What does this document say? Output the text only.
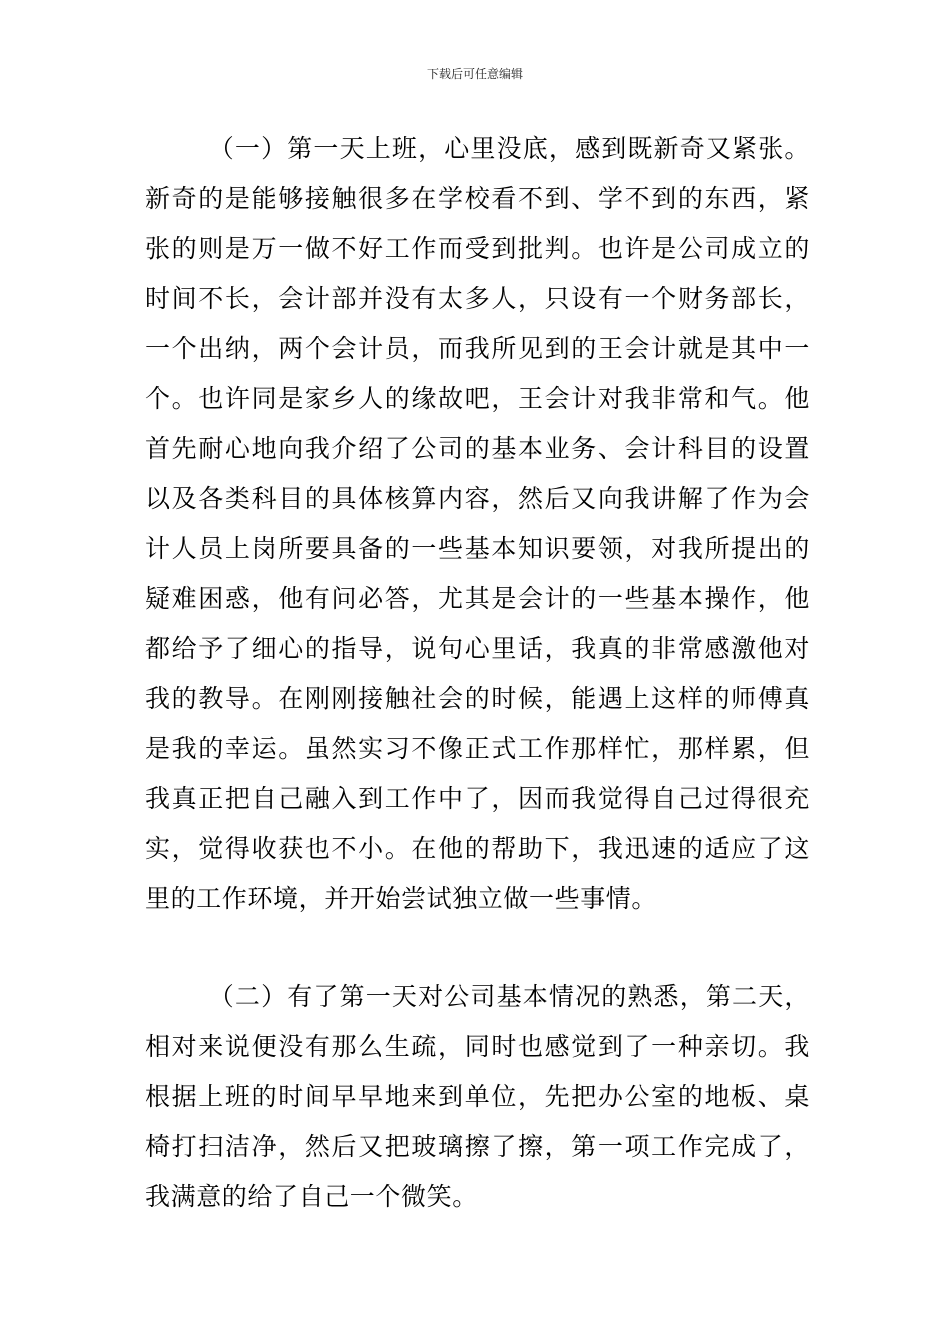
下载后可任意编辑

（一）第一天上班，心里没底，感到既新奇又紧张。新奇的是能够接触很多在学校看不到、学不到的东西，紧张的则是万一做不好工作而受到批判。也许是公司成立的时间不长，会计部并没有太多人，只设有一个财务部长，一个出纳，两个会计员，而我所见到的王会计就是其中一个。也许同是家乡人的缘故吧，王会计对我非常和气。他首先耐心地向我介绍了公司的基本业务、会计科目的设置以及各类科目的具体核算内容，然后又向我讲解了作为会计人员上岗所要具备的一些基本知识要领，对我所提出的疑难困惑，他有问必答，尤其是会计的一些基本操作，他都给予了细心的指导，说句心里话，我真的非常感激他对我的教导。在刚刚接触社会的时候，能遇上这样的师傅真是我的幸运。虽然实习不像正式工作那样忙，那样累，但我真正把自己融入到工作中了，因而我觉得自己过得很充实，觉得收获也不小。在他的帮助下，我迅速的适应了这里的工作环境，并开始尝试独立做一些事情。

（二）有了第一天对公司基本情况的熟悉，第二天，相对来说便没有那么生疏，同时也感觉到了一种亲切。我根据上班的时间早早地来到单位，先把办公室的地板、桌椅打扫洁净，然后又把玻璃擦了擦，第一项工作完成了，我满意的给了自己一个微笑。
